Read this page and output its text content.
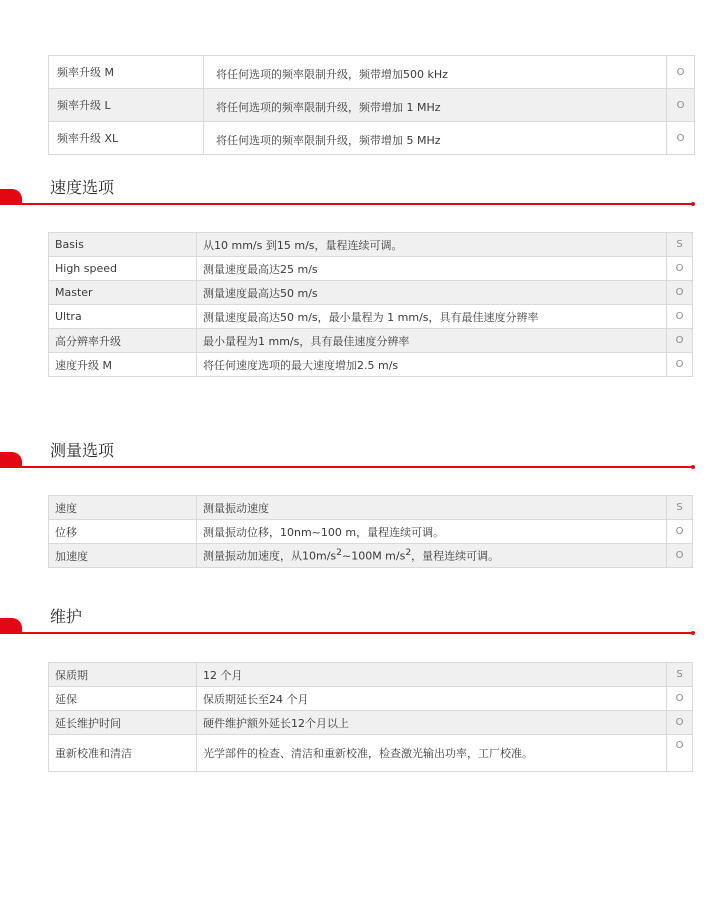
频率升级 M	将任何选项的频率限制升级，频带增加500 kHz	O
频率升级 L	将任何选项的频率限制升级，频带增加 1 MHz	O
频率升级 XL	将任何选项的频率限制升级，频带增加 5 MHz	O
速度选项
Basis	从10 mm/s 到15 m/s，量程连续可调。	S
High speed	测量速度最高达25 m/s	O
Master	测量速度最高达50 m/s	O
Ultra	测量速度最高达50 m/s，最小量程为 1 mm/s，具有最佳速度分辨率	O
高分辨率升级	最小量程为1 mm/s，具有最佳速度分辨率	O
速度升级 M	将任何速度选项的最大速度增加2.5 m/s	O
测量选项
速度	测量振动速度	S
位移	测量振动位移，10nm~100 m，量程连续可调。	O
加速度	测量振动加速度，从$10m/s^2\sim 100M$ $m/s^2$，量程连续可调。	O
维护
保质期	12 个月	S
延保	保质期延长至24 个月	O
延长维护时间	硬件维护额外延长12个月以上	O
重新校准和清洁	光学部件的检查、清洁和重新校准，检查激光输出功率，工厂校准。	O
